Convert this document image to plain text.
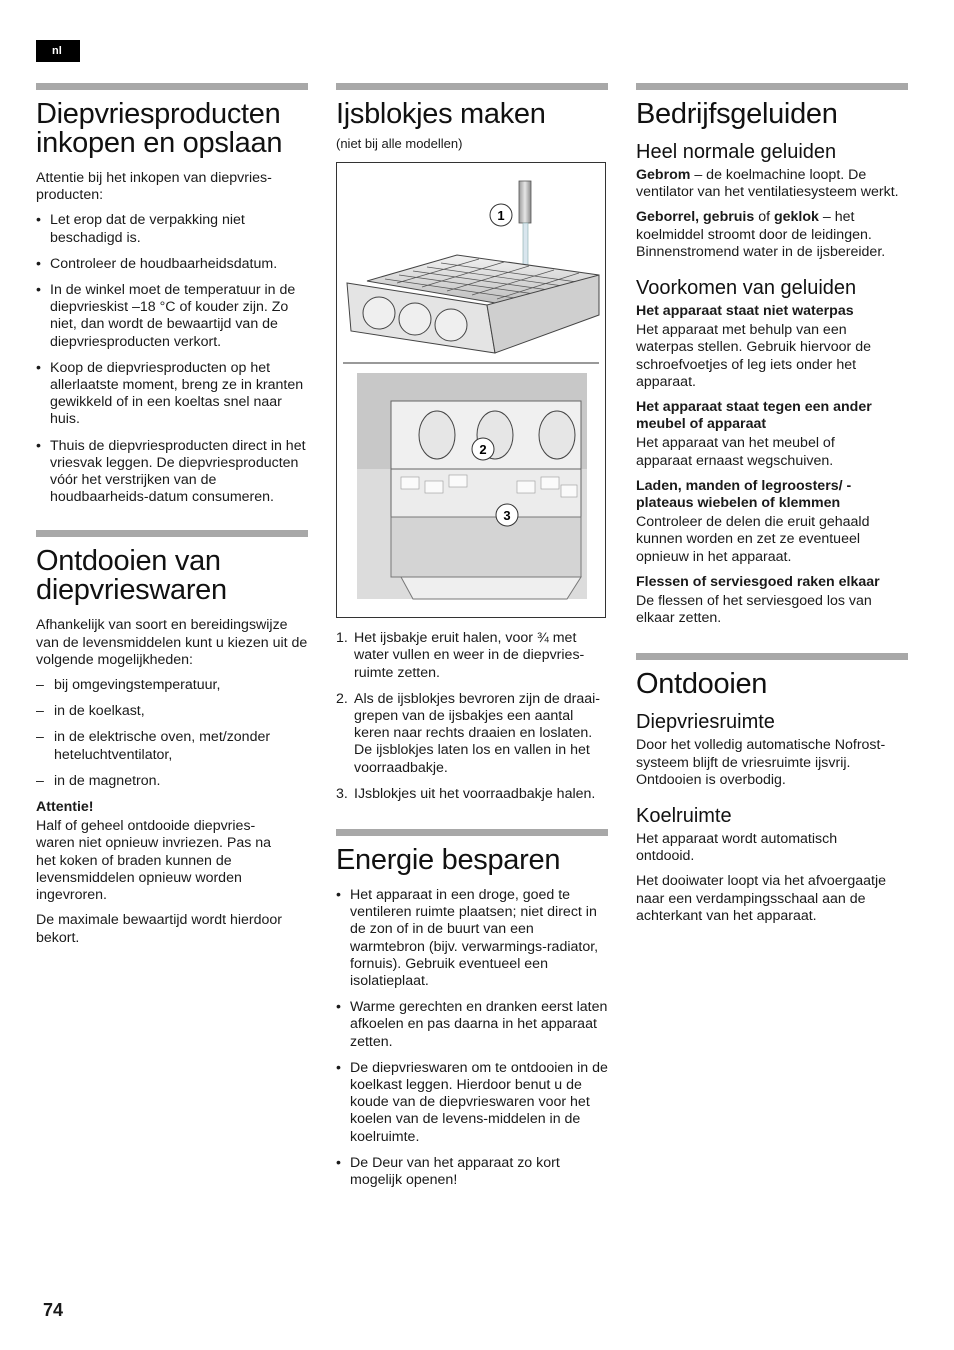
nl
Diepvriesproducten
inkopen en opslaan

Attentie bij het inkopen van diepvries-producten:

• Let erop dat de verpakking niet beschadigd is.
• Controleer de houdbaarheidsdatum.
• In de winkel moet de temperatuur in de diepvrieskist –18 °C of kouder zijn. Zo niet, dan wordt de bewaartijd van de diepvriesproducten verkort.
• Koop de diepvriesproducten op het allerlaatste moment, breng ze in kranten gewikkeld of in een koeltas snel naar huis.
• Thuis de diepvriesproducten direct in het vriesvak leggen. De diepvriesproducten vóór het verstrijken van de houdbaarheids-datum consumeren.
Ontdooien van
diepvrieswaren

Afhankelijk van soort en bereidingswijze van de levensmiddelen kunt u kiezen uit de volgende mogelijkheden:

– bij omgevingstemperatuur,
– in de koelkast,
– in de elektrische oven, met/zonder heteluchtventilator,
– in de magnetron.

Attentie!

Half of geheel ontdooide diepvries-waren niet opnieuw invriezen. Pas na het koken of braden kunnen de levensmiddelen opnieuw worden ingevroren.

De maximale bewaartijd wordt hierdoor bekort.

Ijsblokjes maken

(niet bij alle modellen)

1
2
3
1. Het ijsbakje eruit halen, voor ¾ met water vullen en weer in de diepvries-ruimte zetten.
2. Als de ijsblokjes bevroren zijn de draai- grepen van de ijsbakjes een aantal keren naar rechts draaien en loslaten. De ijsblokjes laten los en vallen in het voorraadbakje.
3. IJsblokjes uit het voorraadbakje halen.
Energie besparen
• Het apparaat in een droge, goed te ventileren ruimte plaatsen; niet direct in de zon of in de buurt van een warmtebron (bijv. verwarmings-radiator, fornuis). Gebruik eventueel een isolatieplaat.
• Warme gerechten en dranken eerst laten afkoelen en pas daarna in het apparaat zetten.
• De diepvrieswaren om te ontdooien in de koelkast leggen. Hierdoor benut u de koude van de diepvrieswaren voor het koelen van de levens-middelen in de koelruimte.
• De Deur van het apparaat zo kort mogelijk openen!
Bedrijfsgeluiden
Heel normale geluiden

Gebrom – de koelmachine loopt. De ventilator van het ventilatiesysteem werkt.

Geborrel, gebruis of geklok – het koelmiddel stroomt door de leidingen. Binnenstromend water in de ijsbereider.

Voorkomen van geluiden

Het apparaat staat niet waterpas

Het apparaat met behulp van een waterpas stellen. Gebruik hiervoor de schroefvoetjes of leg iets onder het apparaat.

Het apparaat staat tegen een ander meubel of apparaat

Het apparaat van het meubel of apparaat ernaast wegschuiven.

Laden, manden of legroosters/ -plateaus wiebelen of klemmen

Controleer de delen die eruit gehaald kunnen worden en zet ze eventueel opnieuw in het apparaat.

Flessen of serviesgoed raken elkaar

De flessen of het serviesgoed los van elkaar zetten.

Ontdooien
Diepvriesruimte

Door het volledig automatische Nofrost-systeem blijft de vriesruimte ijsvrij. Ontdooien is overbodig.

Koelruimte

Het apparaat wordt automatisch ontdooid.

Het dooiwater loopt via het afvoergaatje naar een verdampingsschaal aan de achterkant van het apparaat.

74
